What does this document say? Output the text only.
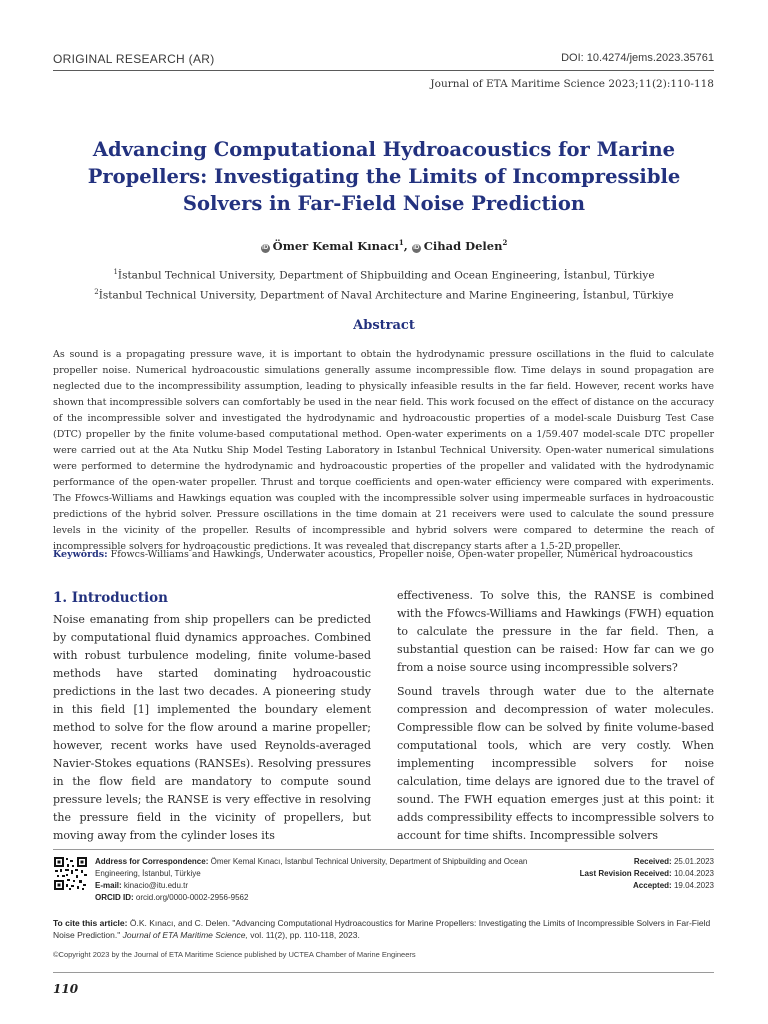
ORIGINAL RESEARCH (AR)	DOI: 10.4274/jems.2023.35761
Journal of ETA Maritime Science 2023;11(2):110-118
Advancing Computational Hydroacoustics for Marine Propellers: Investigating the Limits of Incompressible Solvers in Far-Field Noise Prediction
iD Ömer Kemal Kınacı$^1$, iD Cihad Delen$^2$
$^1$İstanbul Technical University, Department of Shipbuilding and Ocean Engineering, İstanbul, Türkiye
$^2$İstanbul Technical University, Department of Naval Architecture and Marine Engineering, İstanbul, Türkiye
Abstract
As sound is a propagating pressure wave, it is important to obtain the hydrodynamic pressure oscillations in the fluid to calculate propeller noise. Numerical hydroacoustic simulations generally assume incompressible flow. Time delays in sound propagation are neglected due to the incompressibility assumption, leading to physically infeasible results in the far field. However, recent works have shown that incompressible solvers can comfortably be used in the near field. This work focused on the effect of distance on the accuracy of the incompressible solver and investigated the hydrodynamic and hydroacoustic properties of a model-scale Duisburg Test Case (DTC) propeller by the finite volume-based computational method. Open-water experiments on a 1/59.407 model-scale DTC propeller were carried out at the Ata Nutku Ship Model Testing Laboratory in Istanbul Technical University. Open-water numerical simulations were performed to determine the hydrodynamic and hydroacoustic properties of the propeller and validated with the hydrodynamic performance of the open-water propeller. Thrust and torque coefficients and open-water efficiency were compared with experiments. The Ffowcs-Williams and Hawkings equation was coupled with the incompressible solver using impermeable surfaces in hydroacoustic predictions of the hybrid solver. Pressure oscillations in the time domain at 21 receivers were used to calculate the sound pressure levels in the vicinity of the propeller. Results of incompressible and hybrid solvers were compared to determine the reach of incompressible solvers for hydroacoustic predictions. It was revealed that discrepancy starts after a 1.5-2D propeller.
Keywords: Ffowcs-Williams and Hawkings, Underwater acoustics, Propeller noise, Open-water propeller, Numerical hydroacoustics
1. Introduction

Noise emanating from ship propellers can be predicted by computational fluid dynamics approaches. Combined with robust turbulence modeling, finite volume-based methods have started dominating hydroacoustic predictions in the last two decades. A pioneering study in this field [1] implemented the boundary element method to solve for the flow around a marine propeller; however, recent works have used Reynolds-averaged Navier-Stokes equations (RANSEs). Resolving pressures in the flow field are mandatory to compute sound pressure levels; the RANSE is very effective in resolving the pressure field in the vicinity of propellers, but moving away from the cylinder loses its

effectiveness. To solve this, the RANSE is combined with the Ffowcs-Williams and Hawkings (FWH) equation to calculate the pressure in the far field. Then, a substantial question can be raised: How far can we go from a noise source using incompressible solvers?

Sound travels through water due to the alternate compression and decompression of water molecules. Compressible flow can be solved by finite volume-based computational tools, which are very costly. When implementing incompressible solvers for noise calculation, time delays are ignored due to the travel of sound. The FWH equation emerges just at this point: it adds compressibility effects to incompressible solvers to account for time shifts. Incompressible solvers

Address for Correspondence: Ömer Kemal Kınacı, İstanbul Technical University, Department of Shipbuilding and Ocean Engineering, İstanbul, Türkiye
E-mail: kinacio@itu.edu.tr
ORCID ID: orcid.org/0000-0002-2956-9562
Received: 25.01.2023
Last Revision Received: 10.04.2023
Accepted: 19.04.2023
To cite this article: Ö.K. Kınacı, and C. Delen. "Advancing Computational Hydroacoustics for Marine Propellers: Investigating the Limits of Incompressible Solvers in Far-Field Noise Prediction." Journal of ETA Maritime Science, vol. 11(2), pp. 110-118, 2023.
©Copyright 2023 by the Journal of ETA Maritime Science published by UCTEA Chamber of Marine Engineers
110
